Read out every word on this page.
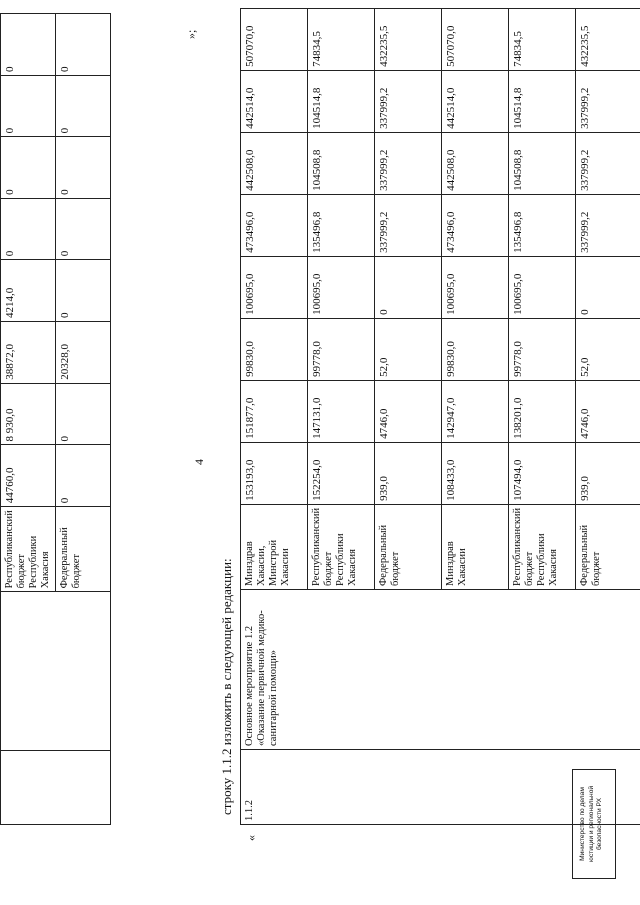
4
		Республиканский бюджет Республики Хакасия	44760,0	8 930,0	38872,0	4214,0	0	0	0	0	
		Федеральный бюджет	0	0	20328,0	0	0	0	0	0	
»;
строку 1.1.2 изложить в следующей редакции:
«
1.1.2	Основное мероприятие 1.2 «Оказание первичной медико-санитарной помощи»	Минздрав Хакасии, Минстрой Хакасии	153193,0	151877,0	99830,0	100695,0	473496,0	442508,0	442514,0	507070,0
		Республиканский бюджет Республики Хакасия	152254,0	147131,0	99778,0	100695,0	135496,8	104508,8	104514,8	74834,5
		Федеральный бюджет	939,0	4746,0	52,0	0	337999,2	337999,2	337999,2	432235,5
		Минздрав Хакасии	108433,0	142947,0	99830,0	100695,0	473496,0	442508,0	442514,0	507070,0
		Республиканский бюджет Республики Хакасия	107494,0	138201,0	99778,0	100695,0	135496,8	104508,8	104514,8	74834,5
		Федеральный бюджет	939,0	4746,0	52,0	0	337999,2	337999,2	337999,2	432235,5
Министерство по делам юстиции и региональной безопасности РХ
